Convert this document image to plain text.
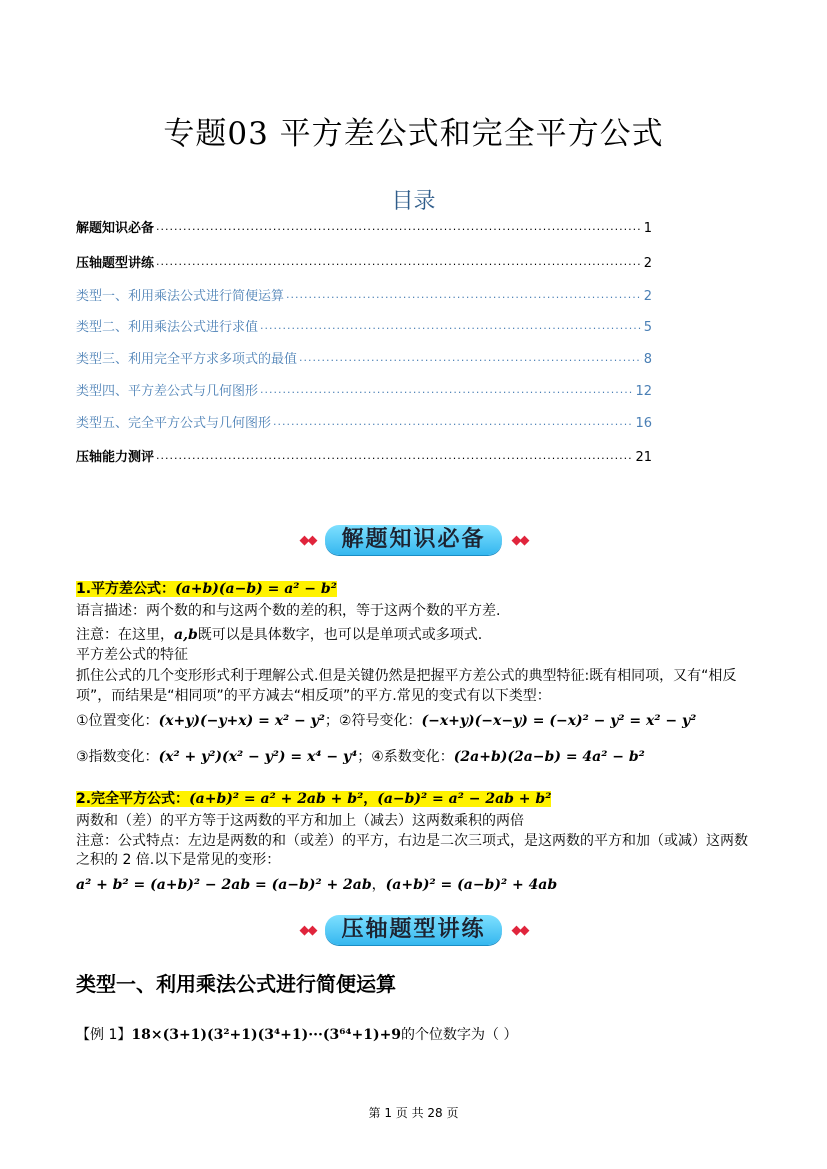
专题03 平方差公式和完全平方公式
目录
解题知识必备 ·····	1
压轴题型讲练 ·····	2
类型一、利用乘法公式进行简便运算 ·····	2
类型二、利用乘法公式进行求值 ·····	5
类型三、利用完全平方求多项式的最值 ·····	8
类型四、平方差公式与几何图形 ·····	12
类型五、完全平方公式与几何图形 ·····	16
压轴能力测评 ·····	21
◆◆	解题知识必备	◆◆
1.平方差公式：(a+b)(a−b) = a² − b²
语言描述：两个数的和与这两个数的差的积，等于这两个数的平方差.
注意：在这里，a,b既可以是具体数字，也可以是单项式或多项式.
平方差公式的特征
抓住公式的几个变形形式利于理解公式.但是关键仍然是把握平方差公式的典型特征:既有相同项，又有“相反项”，而结果是“相同项”的平方减去“相反项”的平方.常见的变式有以下类型：
①位置变化：(x+y)(−y+x) = x² − y²；②符号变化：(−x+y)(−x−y) = (−x)² − y² = x² − y²
③指数变化：(x² + y²)(x² − y²) = x⁴ − y⁴；④系数变化：(2a+b)(2a−b) = 4a² − b²
2.完全平方公式：(a+b)² = a² + 2ab + b²，(a−b)² = a² − 2ab + b²
两数和（差）的平方等于这两数的平方和加上（减去）这两数乘积的两倍
注意：公式特点：左边是两数的和（或差）的平方，右边是二次三项式，是这两数的平方和加（或减）这两数之积的 2 倍.以下是常见的变形：
a² + b² = (a+b)² − 2ab = (a−b)² + 2ab，(a+b)² = (a−b)² + 4ab
◆◆	压轴题型讲练	◆◆
类型一、利用乘法公式进行简便运算
【例 1】18×(3+1)(3²+1)(3⁴+1)···(3⁶⁴+1)+9的个位数字为（ ）
第 1 页 共 28 页
